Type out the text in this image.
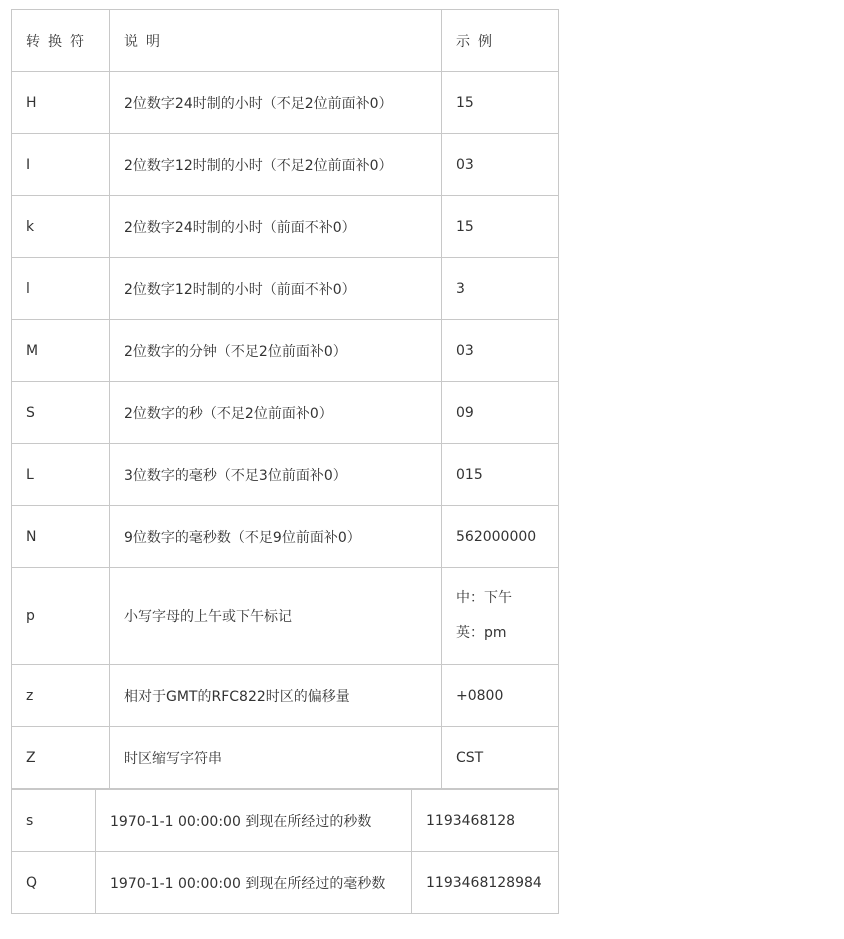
转换符	说明	示例
H	2位数字24时制的小时（不足2位前面补0）	15
I	2位数字12时制的小时（不足2位前面补0）	03
k	2位数字24时制的小时（前面不补0）	15
l	2位数字12时制的小时（前面不补0）	3
M	2位数字的分钟（不足2位前面补0）	03
S	2位数字的秒（不足2位前面补0）	09
L	3位数字的毫秒（不足3位前面补0）	015
N	9位数字的毫秒数（不足9位前面补0）	562000000
p	小写字母的上午或下午标记	中：下午
英：pm

z	相对于GMT的RFC822时区的偏移量	+0800
Z	时区缩写字符串	CST
s	1970-1-1 00:00:00 到现在所经过的秒数	1193468128
Q	1970-1-1 00:00:00 到现在所经过的毫秒数	1193468128984
